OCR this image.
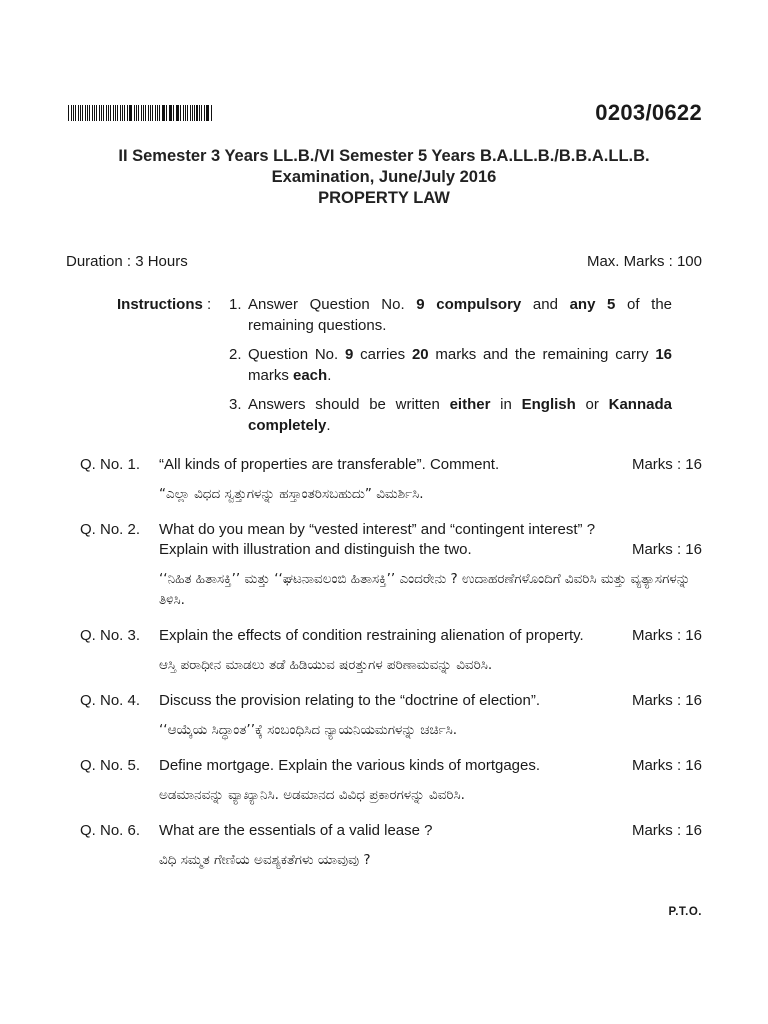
0203/0622
II Semester 3 Years LL.B./VI Semester 5 Years B.A.LL.B./B.B.A.LL.B.
Examination, June/July 2016
PROPERTY LAW
Duration : 3 Hours	Max. Marks : 100
Instructions :	1. Answer Question No. 9 compulsory and any 5 of the remaining questions.
2. Question No. 9 carries 20 marks and the remaining carry 16 marks each.
3. Answers should be written either in English or Kannada completely.
Q. No. 1.	“All kinds of properties are transferable”. Comment.	Marks : 16
“ಎಲ್ಲಾ ವಿಧದ ಸ್ವತ್ತುಗಳನ್ನು ಹಸ್ತಾಂತರಿಸಬಹುದು” ವಿಮರ್ಶಿಸಿ.
Q. No. 2.	What do you mean by “vested interest” and “contingent interest” ? Explain with illustration and distinguish the two.	Marks : 16
‘‘ನಿಹಿತ ಹಿತಾಸಕ್ತಿ’’ ಮತ್ತು ‘‘ಘಟನಾವಲಂಬಿ ಹಿತಾಸಕ್ತಿ’’ ಎಂದರೇನು ? ಉದಾಹರಣೆಗಳೊಂದಿಗೆ ವಿವರಿಸಿ ಮತ್ತು ವ್ಯತ್ಯಾಸಗಳನ್ನು ತಿಳಿಸಿ.
Q. No. 3.	Explain the effects of condition restraining alienation of property.	Marks : 16
ಆಸ್ತಿ ಪರಾಧೀನ ಮಾಡಲು ತಡೆ ಹಿಡಿಯುವ ಷರತ್ತುಗಳ ಪರಿಣಾಮವನ್ನು ವಿವರಿಸಿ.
Q. No. 4.	Discuss the provision relating to the “doctrine of election”.	Marks : 16
‘‘ಆಯ್ಕೆಯ ಸಿದ್ಧಾಂತ’’ಕ್ಕೆ ಸಂಬಂಧಿಸಿದ ನ್ಯಾಯನಿಯಮಗಳನ್ನು ಚರ್ಚಿಸಿ.
Q. No. 5.	Define mortgage. Explain the various kinds of mortgages.	Marks : 16
ಅಡಮಾನವನ್ನು ವ್ಯಾಖ್ಯಾನಿಸಿ. ಅಡಮಾನದ ವಿವಿಧ ಪ್ರಕಾರಗಳನ್ನು ವಿವರಿಸಿ.
Q. No. 6.	What are the essentials of a valid lease ?	Marks : 16
ವಿಧಿ ಸಮ್ಮತ ಗೇಣಿಯ ಅವಶ್ಯಕತೆಗಳು ಯಾವುವು ?
P.T.O.
